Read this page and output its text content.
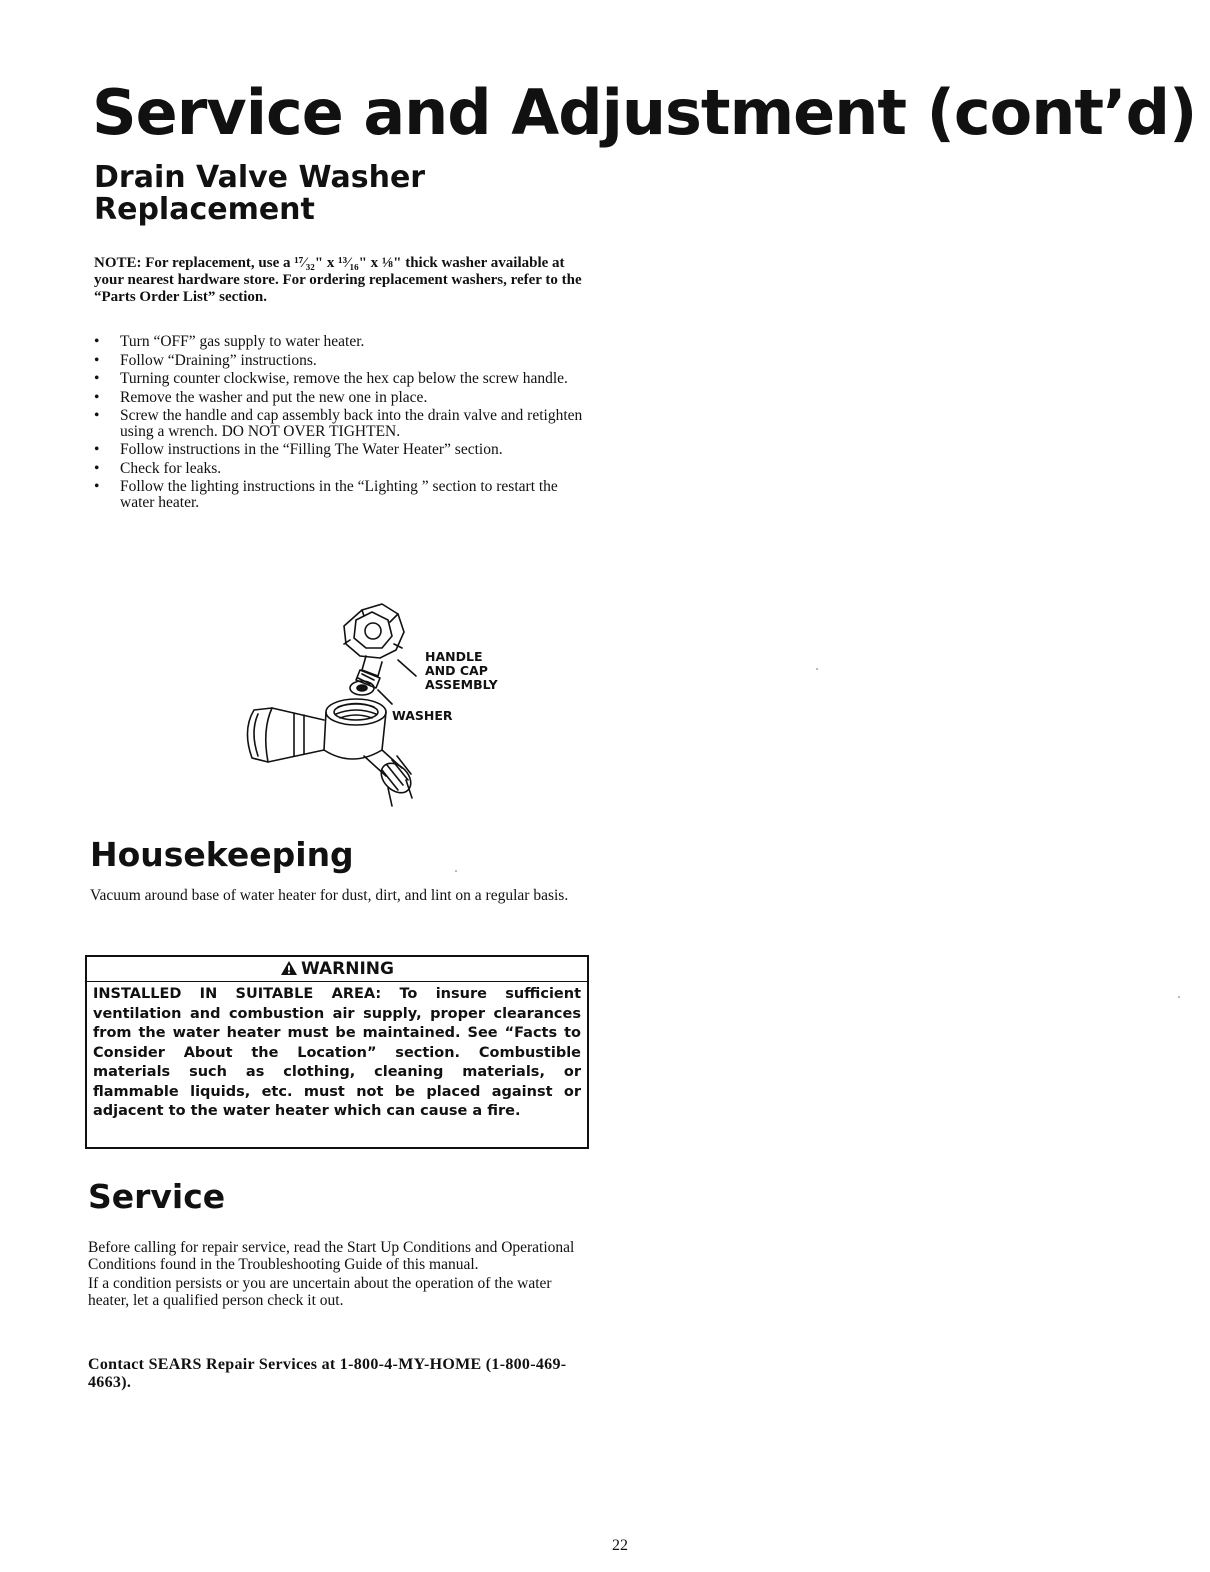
Service and Adjustment (cont’d)
Drain Valve Washer
Replacement

NOTE: For replacement, use a ¹⁷⁄₃₂" x ¹³⁄₁₆" x ⅛" thick washer available at your nearest hardware store. For ordering replacement washers, refer to the “Parts Order List” section.

• Turn “OFF” gas supply to water heater.
• Follow “Draining” instructions.
• Turning counter clockwise, remove the hex cap below the screw handle.
• Remove the washer and put the new one in place.
• Screw the handle and cap assembly back into the drain valve and retighten using a wrench. DO NOT OVER TIGHTEN.
• Follow instructions in the “Filling The Water Heater” section.
• Check for leaks.
• Follow the lighting instructions in the “Lighting ” section to restart the water heater.

HANDLE
AND CAP
ASSEMBLY

WASHER

Housekeeping

Vacuum around base of water heater for dust, dirt, and lint on a regular basis.

WARNING

INSTALLED IN SUITABLE AREA: To insure sufficient ventilation and combustion air supply, proper clearances from the water heater must be maintained. See “Facts to Consider About the Location” section. Combustible materials such as clothing, cleaning materials, or flammable liquids, etc. must not be placed against or adjacent to the water heater which can cause a fire.

Service

Before calling for repair service, read the Start Up Conditions and Operational Conditions found in the Troubleshooting Guide of this manual.

If a condition persists or you are uncertain about the operation of the water heater, let a qualified person check it out.

Contact SEARS Repair Services at 1-800-4-MY-HOME (1-800-469-4663).

22
